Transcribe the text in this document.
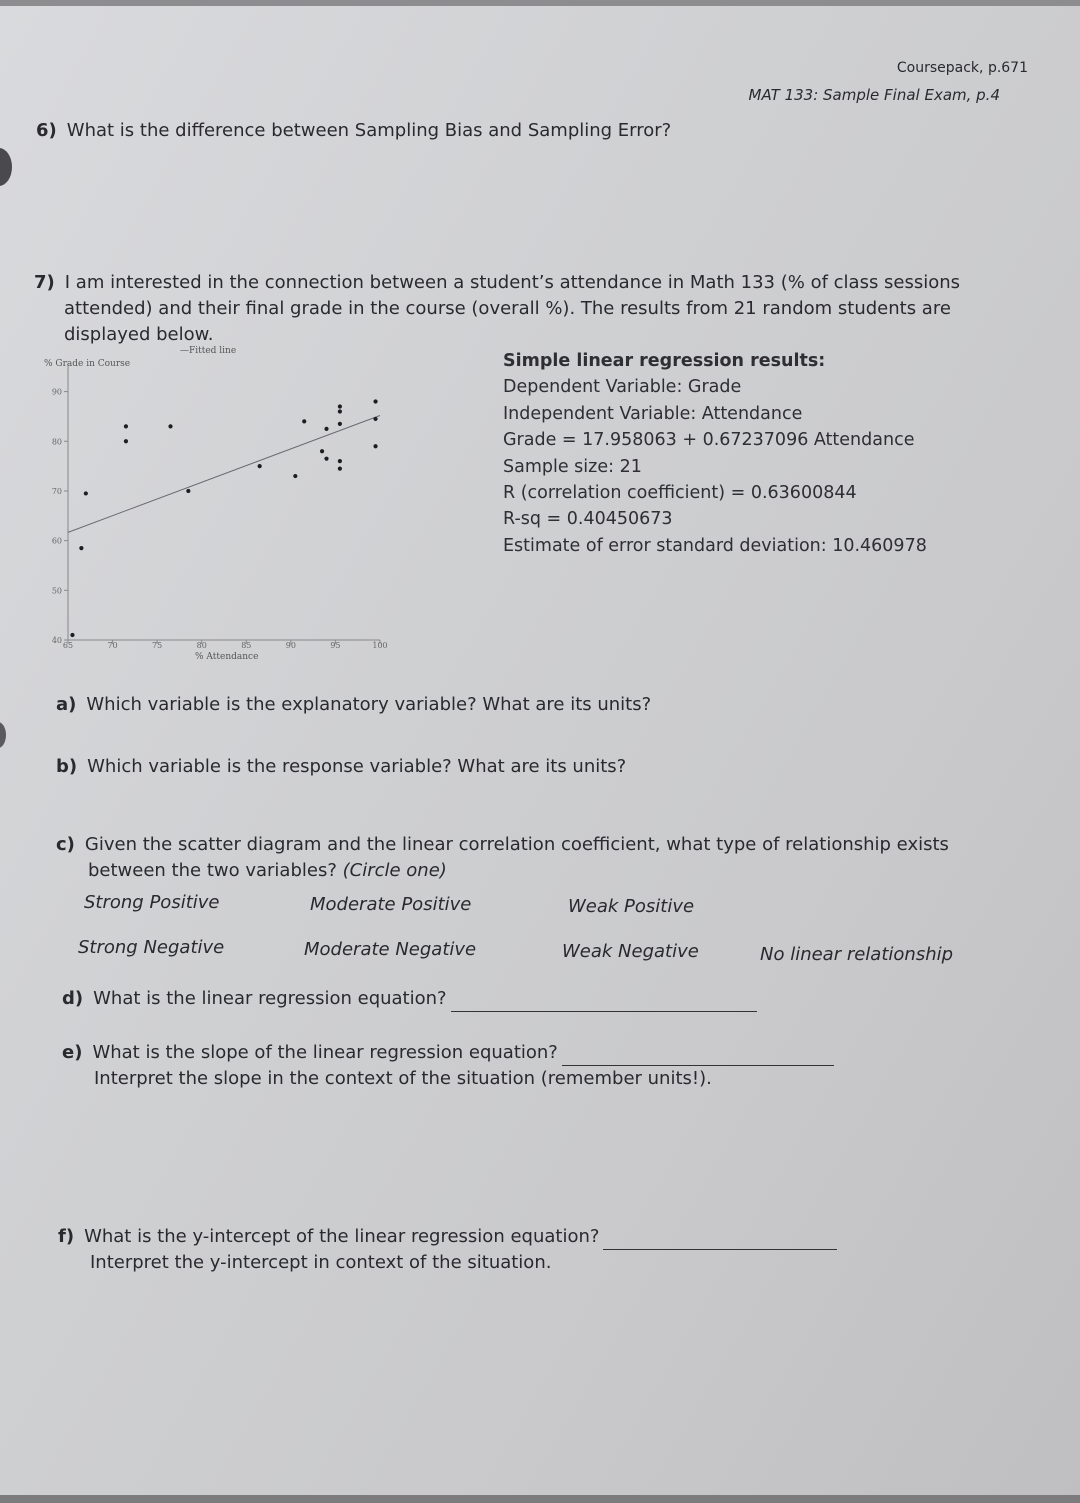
Coursepack, p.671
MAT 133: Sample Final Exam, p.4
6) What is the difference between Sampling Bias and Sampling Error?
7) I am interested in the connection between a student’s attendance in Math 133 (% of class sessions
attended) and their final grade in the course (overall %). The results from 21 random students are
displayed below.
40
50
60
70
80
90
65	70	75	80	85	90	95	100
% Grade in Course
—Fitted line
% Attendance
Simple linear regression results:
Dependent Variable: Grade
Independent Variable: Attendance
Grade = 17.958063 + 0.67237096 Attendance
Sample size: 21
R (correlation coefficient) = 0.63600844
R-sq = 0.40450673
Estimate of error standard deviation: 10.460978
a) Which variable is the explanatory variable? What are its units?
b) Which variable is the response variable? What are its units?
c) Given the scatter diagram and the linear correlation coefficient, what type of relationship exists
between the two variables? (Circle one)
Strong Positive	Moderate Positive	Weak Positive
Strong Negative	Moderate Negative	Weak Negative	No linear relationship
d) What is the linear regression equation?
e) What is the slope of the linear regression equation?
Interpret the slope in the context of the situation (remember units!).
f) What is the y-intercept of the linear regression equation?
Interpret the y-intercept in context of the situation.
